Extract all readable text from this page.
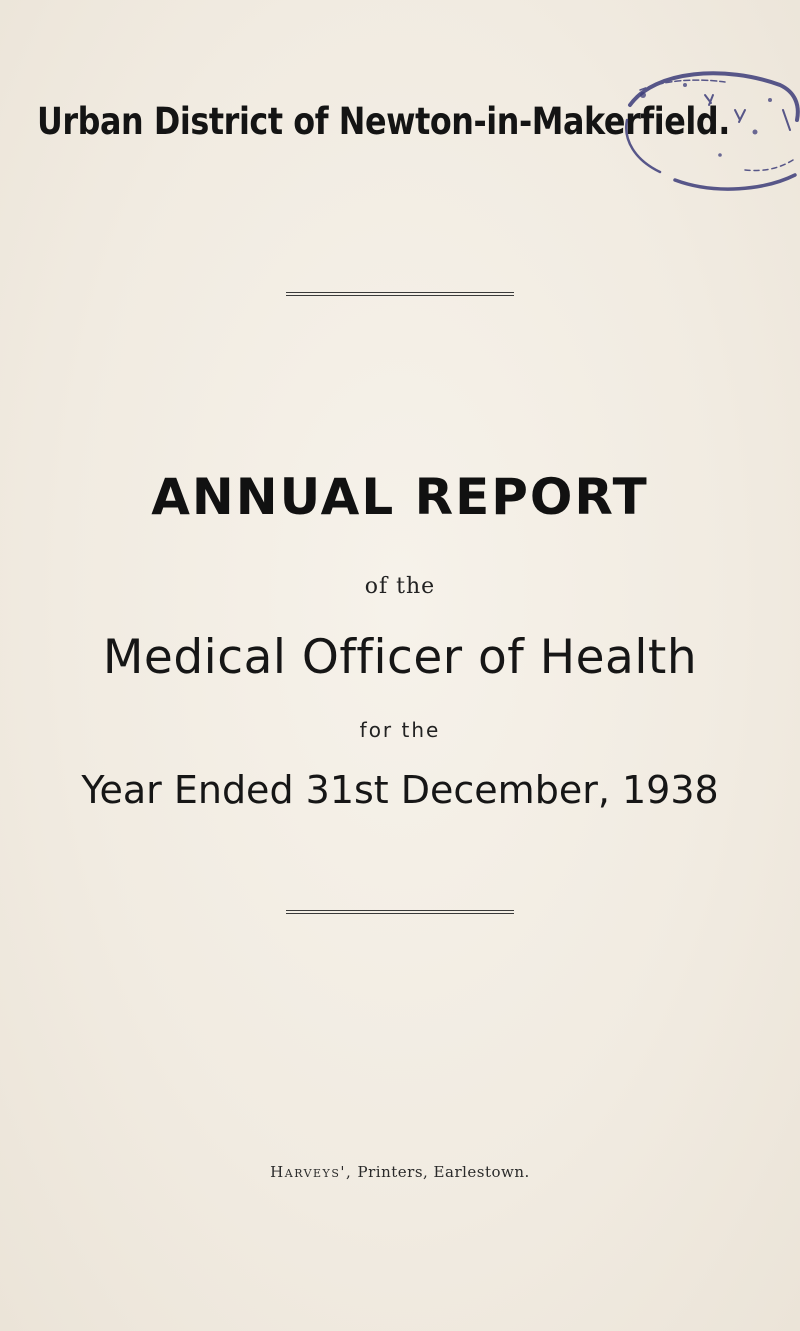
Urban District of Newton-in-Makerfield.
ANNUAL REPORT
of the
Medical Officer of Health
for the
Year Ended 31st December, 1938
Harveys', Printers, Earlestown.
